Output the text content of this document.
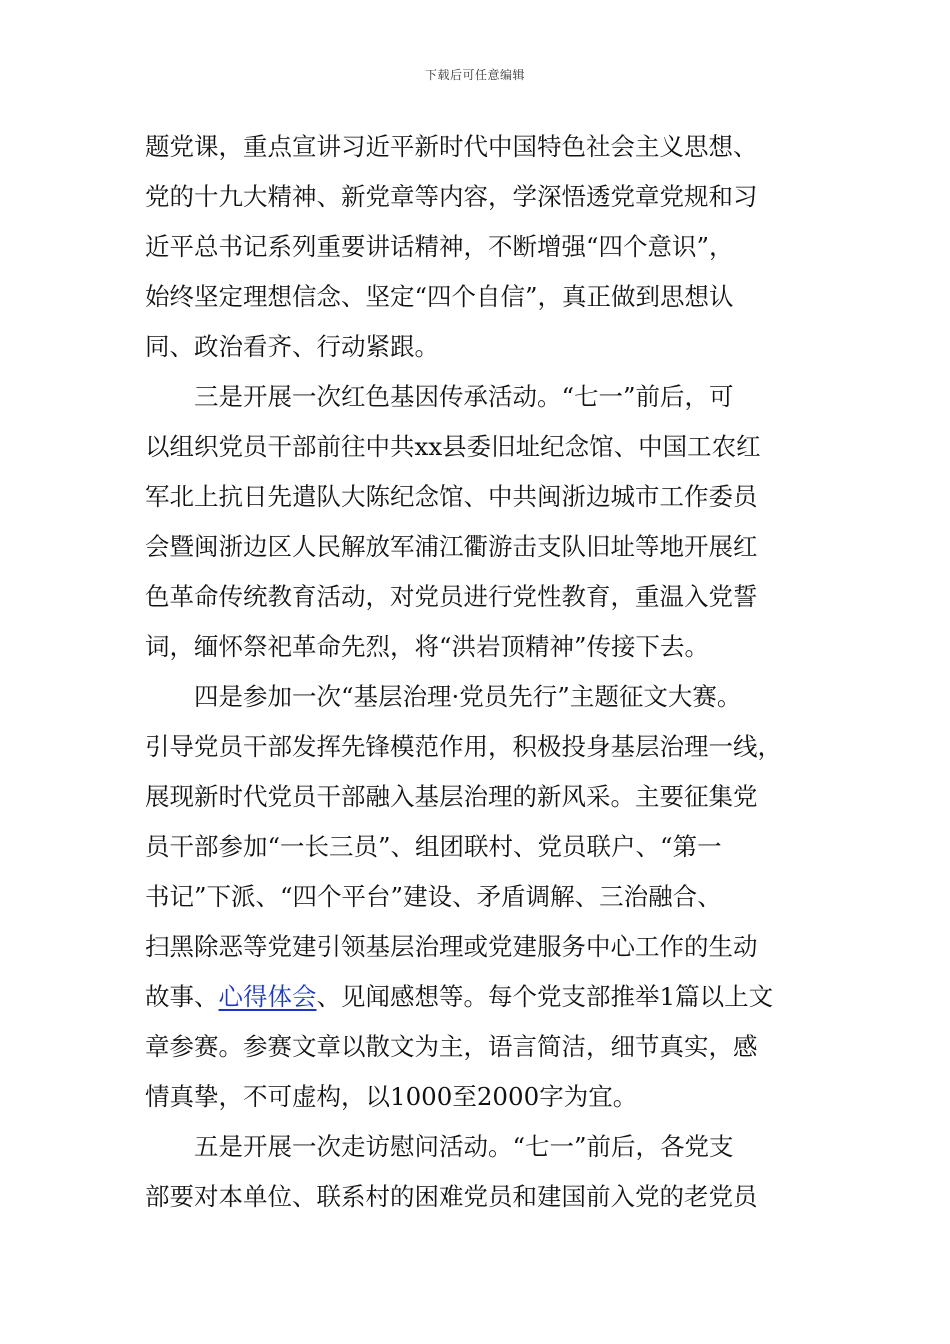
下载后可任意编辑
题党课，重点宣讲习近平新时代中国特色社会主义思想、
党的十九大精神、新党章等内容，学深悟透党章党规和习
近平总书记系列重要讲话精神，不断增强“四个意识”，
始终坚定理想信念、坚定“四个自信”，真正做到思想认
同、政治看齐、行动紧跟。
三是开展一次红色基因传承活动。“七一”前后，可
以组织党员干部前往中共xx县委旧址纪念馆、中国工农红
军北上抗日先遣队大陈纪念馆、中共闽浙边城市工作委员
会暨闽浙边区人民解放军浦江衢游击支队旧址等地开展红
色革命传统教育活动，对党员进行党性教育，重温入党誓
词，缅怀祭祀革命先烈，将“洪岩顶精神”传接下去。
四是参加一次“基层治理·党员先行”主题征文大赛。
引导党员干部发挥先锋模范作用，积极投身基层治理一线，
展现新时代党员干部融入基层治理的新风采。主要征集党
员干部参加“一长三员”、组团联村、党员联户、“第一
书记”下派、“四个平台”建设、矛盾调解、三治融合、
扫黑除恶等党建引领基层治理或党建服务中心工作的生动
故事、心得体会、见闻感想等。每个党支部推举1篇以上文
章参赛。参赛文章以散文为主，语言简洁，细节真实，感
情真挚，不可虚构，以1000至2000字为宜。
五是开展一次走访慰问活动。“七一”前后，各党支
部要对本单位、联系村的困难党员和建国前入党的老党员
